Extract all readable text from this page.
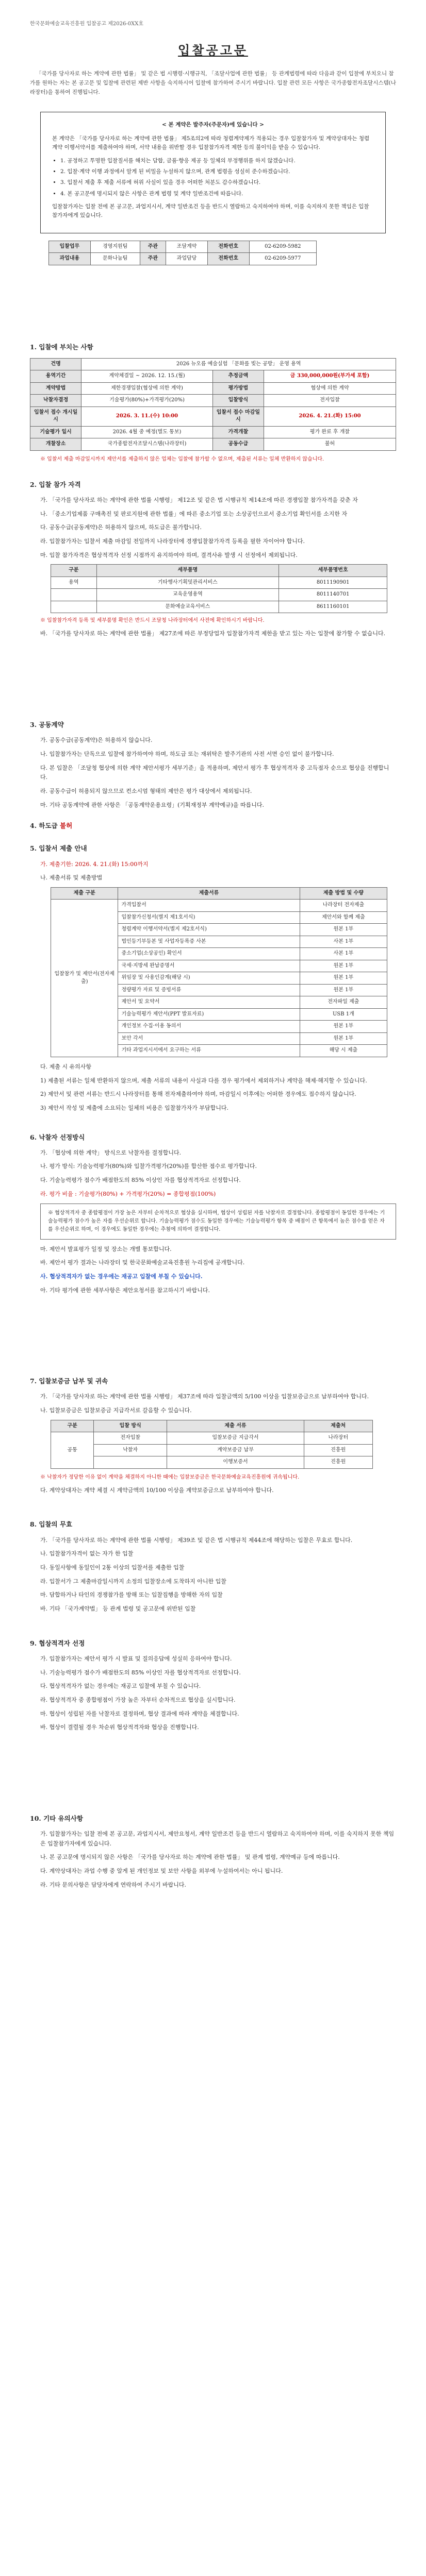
한국문화예술교육진흥원 입찰공고 제2026-0XX호
입찰공고문

「국가를 당사자로 하는 계약에 관한 법률」 및 같은 법 시행령·시행규칙, 「조달사업에 관한 법률」 등 관계법령에 따라 다음과 같이 입찰에 부치오니 참가를 원하는 자는 본 공고문 및 입찰에 관련된 제반 사항을 숙지하시어 입찰에 참가하여 주시기 바랍니다. 입찰 관련 모든 사항은 국가종합전자조달시스템(나라장터)을 통하여 진행됩니다.

< 본 계약은 발주자(주문자)에 있습니다 >

본 계약은 「국가를 당사자로 하는 계약에 관한 법률」 제5조의2에 따라 청렴계약제가 적용되는 경우 입찰참가자 및 계약상대자는 청렴계약 이행서약서를 제출하여야 하며, 서약 내용을 위반할 경우 입찰참가자격 제한 등의 불이익을 받을 수 있습니다.

• 1. 공정하고 투명한 입찰질서를 해치는 담합, 금품·향응 제공 등 일체의 부정행위를 하지 않겠습니다.
• 2. 입찰·계약 이행 과정에서 알게 된 비밀을 누설하지 않으며, 관계 법령을 성실히 준수하겠습니다.
• 3. 입찰서 제출 후 제출 서류에 허위 사실이 있을 경우 어떠한 처분도 감수하겠습니다.
• 4. 본 공고문에 명시되지 않은 사항은 관계 법령 및 계약 일반조건에 따릅니다.

입찰참가자는 입찰 전에 본 공고문, 과업지시서, 계약 일반조건 등을 반드시 열람하고 숙지하여야 하며, 이를 숙지하지 못한 책임은 입찰참가자에게 있습니다.

입찰업무	경영지원팀	주관	조달계약	전화번호	02-6209-5982
과업내용	문화나눔팀	주관	과업담당	전화번호	02-6209-5977
1. 입찰에 부치는 사항
건명	2026 뉴오름 예술실험 「문화를 빚는 공방」 운영 용역		
용역기간	계약체결일 ~ 2026. 12. 15.(월)	추정금액	금 330,000,000원(부가세 포함)
계약방법	제한경쟁입찰(협상에 의한 계약)	평가방법	협상에 의한 계약
낙찰자결정	기술평가(80%)+가격평가(20%)	입찰방식	전자입찰
입찰서 접수 개시일시	2026. 3. 11.(수) 10:00	입찰서 접수 마감일시	2026. 4. 21.(화) 15:00
기술평가 일시	2026. 4월 중 예정(별도 통보)	가격개찰	평가 완료 후 개찰
개찰장소	국가종합전자조달시스템(나라장터)	공동수급	불허
※ 입찰서 제출 마감일시까지 제안서를 제출하지 않은 업체는 입찰에 참가할 수 없으며, 제출된 서류는 일체 반환하지 않습니다.
2. 입찰 참가 자격
가. 「국가를 당사자로 하는 계약에 관한 법률 시행령」 제12조 및 같은 법 시행규칙 제14조에 따른 경쟁입찰 참가자격을 갖춘 자
나. 「중소기업제품 구매촉진 및 판로지원에 관한 법률」에 따른 중소기업 또는 소상공인으로서 중소기업 확인서를 소지한 자
다. 공동수급(공동계약)은 허용하지 않으며, 하도급은 불가합니다.
라. 입찰참가자는 입찰서 제출 마감일 전일까지 나라장터에 경쟁입찰참가자격 등록을 필한 자이어야 합니다.
마. 입찰 참가자격은 협상적격자 선정 시점까지 유지하여야 하며, 결격사유 발생 시 선정에서 제외됩니다.
구분	세부품명	세부품명번호
용역	기타행사기획및관리서비스	8011190901
	교육운영용역	8011140701
	문화예술교육서비스	8611160101
※ 입찰참가자격 등록 및 세부품명 확인은 반드시 조달청 나라장터에서 사전에 확인하시기 바랍니다.
바. 「국가를 당사자로 하는 계약에 관한 법률」 제27조에 따른 부정당업자 입찰참가자격 제한을 받고 있는 자는 입찰에 참가할 수 없습니다.
3. 공동계약
가. 공동수급(공동계약)은 허용하지 않습니다.
나. 입찰참가자는 단독으로 입찰에 참가하여야 하며, 하도급 또는 재위탁은 발주기관의 사전 서면 승인 없이 불가합니다.
다. 본 입찰은 「조달청 협상에 의한 계약 제안서평가 세부기준」을 적용하며, 제안서 평가 후 협상적격자 중 고득점자 순으로 협상을 진행합니다.
라. 공동수급이 허용되지 않으므로 컨소시엄 형태의 제안은 평가 대상에서 제외됩니다.
마. 기타 공동계약에 관한 사항은 「공동계약운용요령」(기획재정부 계약예규)을 따릅니다.
4. 하도급 불허
5. 입찰서 제출 안내
가. 제출기한: 2026. 4. 21.(화) 15:00까지
나. 제출서류 및 제출방법
제출 구분	제출서류	제출 방법 및 수량
입찰참가 및 제안서(전자제출)	가격입찰서	나라장터 전자제출
	입찰참가신청서(별지 제1호서식)	제안서와 함께 제출
	청렴계약 이행서약서(별지 제2호서식)	원본 1부
	법인등기부등본 및 사업자등록증 사본	사본 1부
	중소기업(소상공인) 확인서	사본 1부
	국세·지방세 완납증명서	원본 1부
	위임장 및 사용인감계(해당 시)	원본 1부
	정량평가 자료 및 증빙서류	원본 1부
	제안서 및 요약서	전자파일 제출
	기술능력평가 제안서(PPT 발표자료)	USB 1개
	개인정보 수집·이용 동의서	원본 1부
	보안 각서	원본 1부
	기타 과업지시서에서 요구하는 서류	해당 시 제출
다. 제출 시 유의사항
1) 제출된 서류는 일체 반환하지 않으며, 제출 서류의 내용이 사실과 다를 경우 평가에서 제외하거나 계약을 해제·해지할 수 있습니다.
2) 제안서 및 관련 서류는 반드시 나라장터를 통해 전자제출하여야 하며, 마감일시 이후에는 어떠한 경우에도 접수하지 않습니다.
3) 제안서 작성 및 제출에 소요되는 일체의 비용은 입찰참가자가 부담합니다.
6. 낙찰자 선정방식
가. 「협상에 의한 계약」 방식으로 낙찰자를 결정합니다.
나. 평가 방식: 기술능력평가(80%)와 입찰가격평가(20%)를 합산한 점수로 평가합니다.
다. 기술능력평가 점수가 배점한도의 85% 이상인 자를 협상적격자로 선정합니다.
라. 평가 비율 : 기술평가(80%) + 가격평가(20%) = 종합평점(100%)
※ 협상적격자 중 종합평점이 가장 높은 자부터 순차적으로 협상을 실시하며, 협상이 성립된 자를 낙찰자로 결정합니다. 종합평점이 동일한 경우에는 기술능력평가 점수가 높은 자를 우선순위로 합니다. 기술능력평가 점수도 동일한 경우에는 기술능력평가 항목 중 배점이 큰 항목에서 높은 점수를 얻은 자를 우선순위로 하며, 이 경우에도 동일한 경우에는 추첨에 의하여 결정합니다.
마. 제안서 발표평가 일정 및 장소는 개별 통보합니다.
바. 제안서 평가 결과는 나라장터 및 한국문화예술교육진흥원 누리집에 공개합니다.
사. 협상적격자가 없는 경우에는 재공고 입찰에 부칠 수 있습니다.
아. 기타 평가에 관한 세부사항은 제안요청서를 참고하시기 바랍니다.
7. 입찰보증금 납부 및 귀속
가. 「국가를 당사자로 하는 계약에 관한 법률 시행령」 제37조에 따라 입찰금액의 5/100 이상을 입찰보증금으로 납부하여야 합니다.
나. 입찰보증금은 입찰보증금 지급각서로 갈음할 수 있습니다.
구분	입찰 방식	제출 서류	제출처
공통	전자입찰	입찰보증금 지급각서	나라장터
	낙찰자	계약보증금 납부	진흥원
		이행보증서	진흥원
※ 낙찰자가 정당한 이유 없이 계약을 체결하지 아니한 때에는 입찰보증금은 한국문화예술교육진흥원에 귀속됩니다.
다. 계약상대자는 계약 체결 시 계약금액의 10/100 이상을 계약보증금으로 납부하여야 합니다.
8. 입찰의 무효
가. 「국가를 당사자로 하는 계약에 관한 법률 시행령」 제39조 및 같은 법 시행규칙 제44조에 해당하는 입찰은 무효로 합니다.
나. 입찰참가자격이 없는 자가 한 입찰
다. 동일사항에 동일인이 2통 이상의 입찰서를 제출한 입찰
라. 입찰서가 그 제출마감일시까지 소정의 입찰장소에 도착하지 아니한 입찰
마. 담합하거나 타인의 경쟁참가를 방해 또는 입찰집행을 방해한 자의 입찰
바. 기타 「국가계약법」 등 관계 법령 및 공고문에 위반된 입찰
9. 협상적격자 선정
가. 입찰참가자는 제안서 평가 시 발표 및 질의응답에 성실히 응하여야 합니다.
나. 기술능력평가 점수가 배점한도의 85% 이상인 자를 협상적격자로 선정합니다.
다. 협상적격자가 없는 경우에는 재공고 입찰에 부칠 수 있습니다.
라. 협상적격자 중 종합평점이 가장 높은 자부터 순차적으로 협상을 실시합니다.
마. 협상이 성립된 자를 낙찰자로 결정하며, 협상 결과에 따라 계약을 체결합니다.
바. 협상이 결렬될 경우 차순위 협상적격자와 협상을 진행합니다.
10. 기타 유의사항
가. 입찰참가자는 입찰 전에 본 공고문, 과업지시서, 제안요청서, 계약 일반조건 등을 반드시 열람하고 숙지하여야 하며, 이를 숙지하지 못한 책임은 입찰참가자에게 있습니다.
나. 본 공고문에 명시되지 않은 사항은 「국가를 당사자로 하는 계약에 관한 법률」 및 관계 법령, 계약예규 등에 따릅니다.
다. 계약상대자는 과업 수행 중 알게 된 개인정보 및 보안 사항을 외부에 누설하여서는 아니 됩니다.
라. 기타 문의사항은 담당자에게 연락하여 주시기 바랍니다.
